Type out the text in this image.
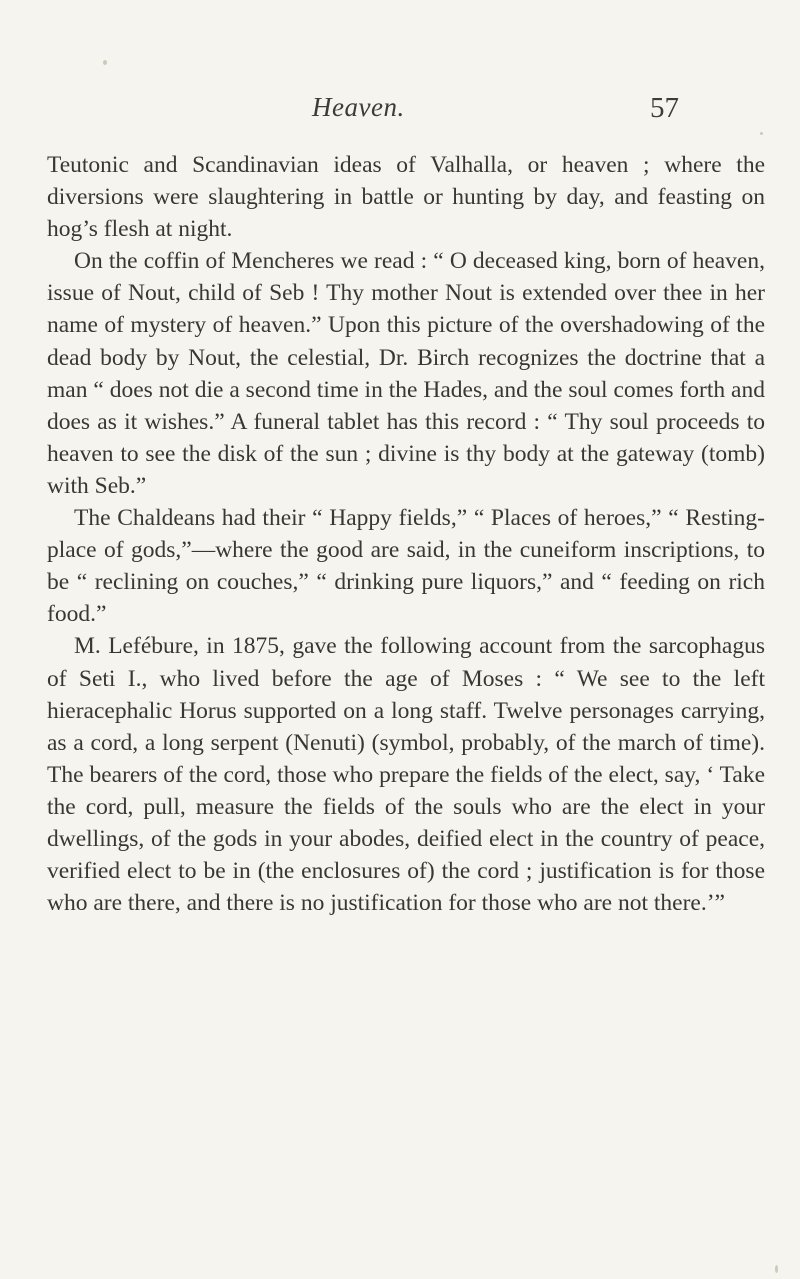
Heaven.	57

Teutonic and Scandinavian ideas of Valhalla, or heaven ; where the diversions were slaughtering in battle or hunting by day, and feasting on hog’s flesh at night.

On the coffin of Mencheres we read : “ O deceased king, born of heaven, issue of Nout, child of Seb ! Thy mother Nout is extended over thee in her name of mystery of heaven.” Upon this picture of the overshadowing of the dead body by Nout, the celestial, Dr. Birch recognizes the doctrine that a man “ does not die a second time in the Hades, and the soul comes forth and does as it wishes.” A funeral tablet has this record : “ Thy soul proceeds to heaven to see the disk of the sun ; divine is thy body at the gateway (tomb) with Seb.”

The Chaldeans had their “ Happy fields,” “ Places of heroes,” “ Resting-place of gods,”—where the good are said, in the cuneiform inscriptions, to be “ reclining on couches,” “ drinking pure liquors,” and “ feeding on rich food.”

M. Lefébure, in 1875, gave the following account from the sarcophagus of Seti I., who lived before the age of Moses : “ We see to the left hieracephalic Horus supported on a long staff. Twelve personages carrying, as a cord, a long serpent (Nenuti) (symbol, probably, of the march of time). The bearers of the cord, those who prepare the fields of the elect, say, ‘ Take the cord, pull, measure the fields of the souls who are the elect in your dwellings, of the gods in your abodes, deified elect in the country of peace, verified elect to be in (the enclosures of) the cord ; justification is for those who are there, and there is no justification for those who are not there.’”
